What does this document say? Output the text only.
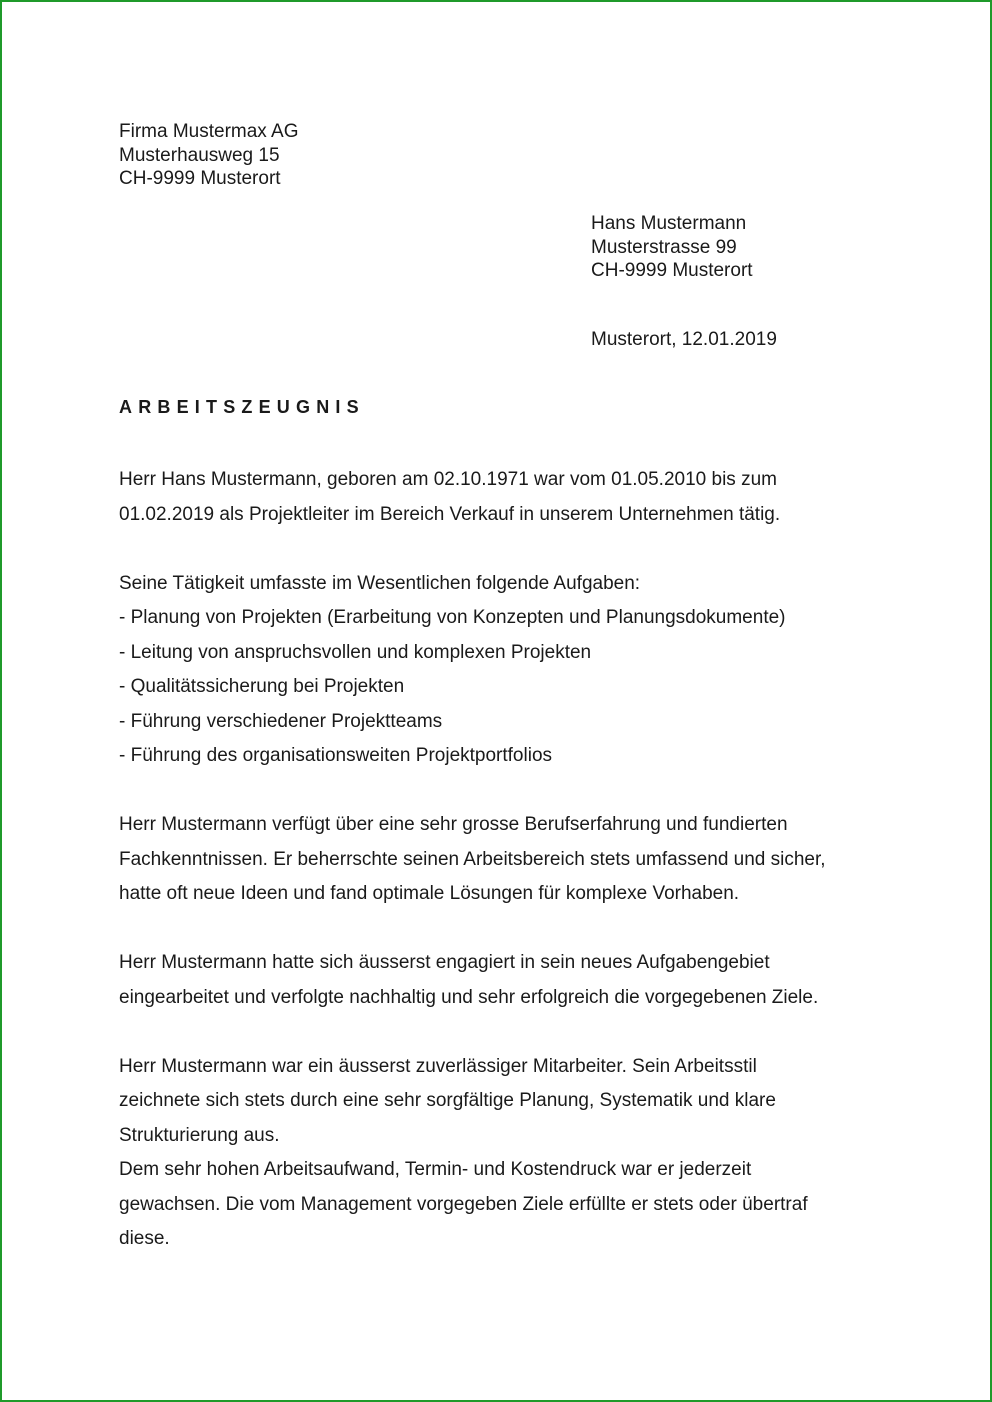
Firma Mustermax AG
Musterhausweg 15
CH-9999 Musterort
Hans Mustermann
Musterstrasse 99
CH-9999 Musterort
Musterort, 12.01.2019
ARBEITSZEUGNIS
Herr Hans Mustermann, geboren am 02.10.1971 war vom 01.05.2010 bis zum
01.02.2019 als Projektleiter im Bereich Verkauf in unserem Unternehmen tätig.
Seine Tätigkeit umfasste im Wesentlichen folgende Aufgaben:
- Planung von Projekten (Erarbeitung von Konzepten und Planungsdokumente)
- Leitung von anspruchsvollen und komplexen Projekten
- Qualitätssicherung bei Projekten
- Führung verschiedener Projektteams
- Führung des organisationsweiten Projektportfolios
Herr Mustermann verfügt über eine sehr grosse Berufserfahrung und fundierten
Fachkenntnissen. Er beherrschte seinen Arbeitsbereich stets umfassend und sicher,
hatte oft neue Ideen und fand optimale Lösungen für komplexe Vorhaben.
Herr Mustermann hatte sich äusserst engagiert in sein neues Aufgabengebiet
eingearbeitet und verfolgte nachhaltig und sehr erfolgreich die vorgegebenen Ziele.
Herr Mustermann war ein äusserst zuverlässiger Mitarbeiter. Sein Arbeitsstil
zeichnete sich stets durch eine sehr sorgfältige Planung, Systematik und klare
Strukturierung aus.
Dem sehr hohen Arbeitsaufwand, Termin- und Kostendruck war er jederzeit
gewachsen. Die vom Management vorgegeben Ziele erfüllte er stets oder übertraf
diese.
